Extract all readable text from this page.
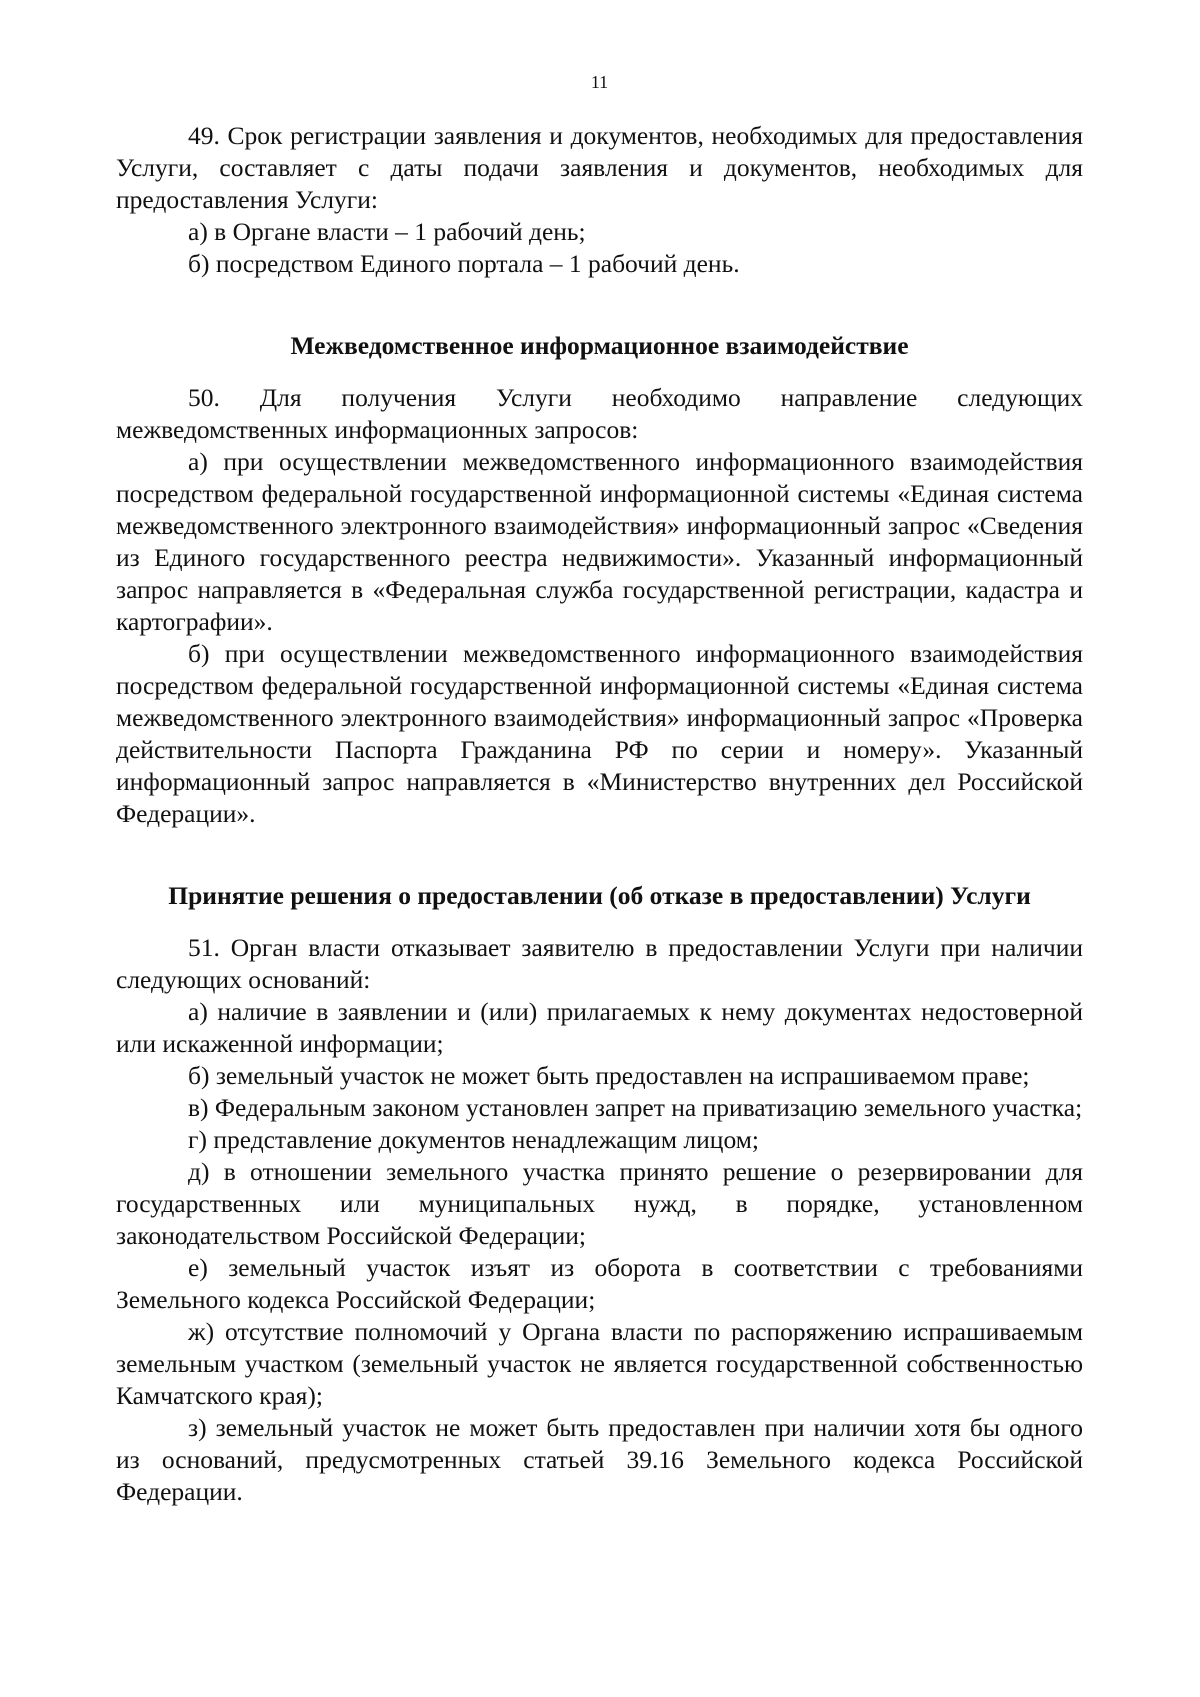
11

49. Срок регистрации заявления и документов, необходимых для предоставления Услуги, составляет с даты подачи заявления и документов, необходимых для предоставления Услуги:

а) в Органе власти – 1 рабочий день;

б) посредством Единого портала – 1 рабочий день.

Межведомственное информационное взаимодействие

50. Для получения Услуги необходимо направление следующих межведомственных информационных запросов:

а) при осуществлении межведомственного информационного взаимодействия посредством федеральной государственной информационной системы «Единая система межведомственного электронного взаимодействия» информационный запрос «Сведения из Единого государственного реестра недвижимости». Указанный информационный запрос направляется в «Федеральная служба государственной регистрации, кадастра и картографии».

б) при осуществлении межведомственного информационного взаимодействия посредством федеральной государственной информационной системы «Единая система межведомственного электронного взаимодействия» информационный запрос «Проверка действительности Паспорта Гражданина РФ по серии и номеру». Указанный информационный запрос направляется в «Министерство внутренних дел Российской Федерации».

Принятие решения о предоставлении (об отказе в предоставлении) Услуги

51. Орган власти отказывает заявителю в предоставлении Услуги при наличии следующих оснований:

а) наличие в заявлении и (или) прилагаемых к нему документах недостоверной или искаженной информации;

б) земельный участок не может быть предоставлен на испрашиваемом праве;

в) Федеральным законом установлен запрет на приватизацию земельного участка;

г) представление документов ненадлежащим лицом;

д) в отношении земельного участка принято решение о резервировании для государственных или муниципальных нужд, в порядке, установленном законодательством Российской Федерации;

е) земельный участок изъят из оборота в соответствии с требованиями Земельного кодекса Российской Федерации;

ж) отсутствие полномочий у Органа власти по распоряжению испрашиваемым земельным участком (земельный участок не является государственной собственностью Камчатского края);

з) земельный участок не может быть предоставлен при наличии хотя бы одного из оснований, предусмотренных статьей 39.16 Земельного кодекса Российской Федерации.
